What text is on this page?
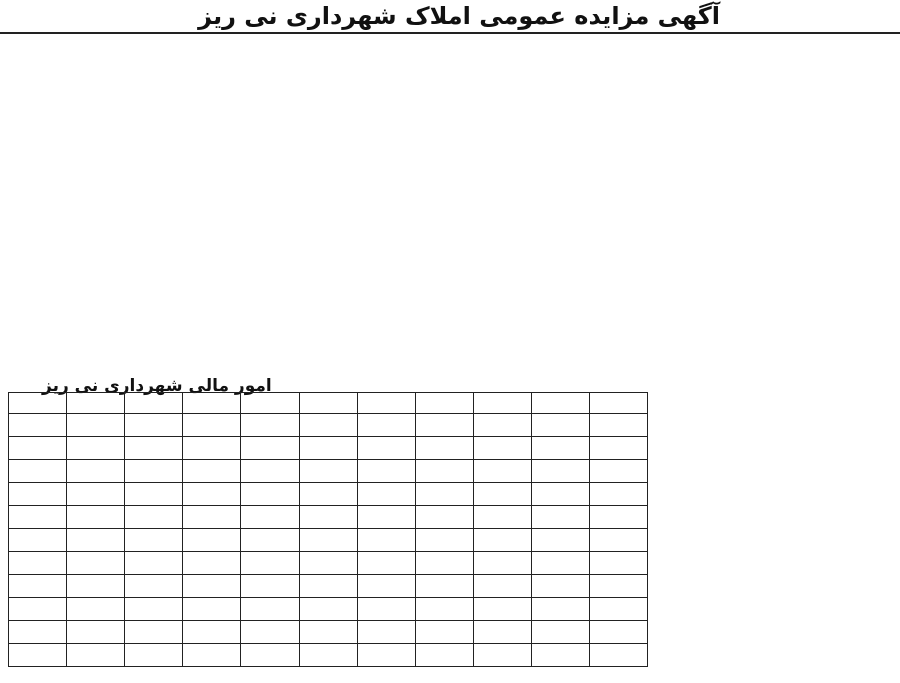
آگهی مزایده عمومی املاک شهرداری نی ریز

امور مالی شهرداری نی ریز
